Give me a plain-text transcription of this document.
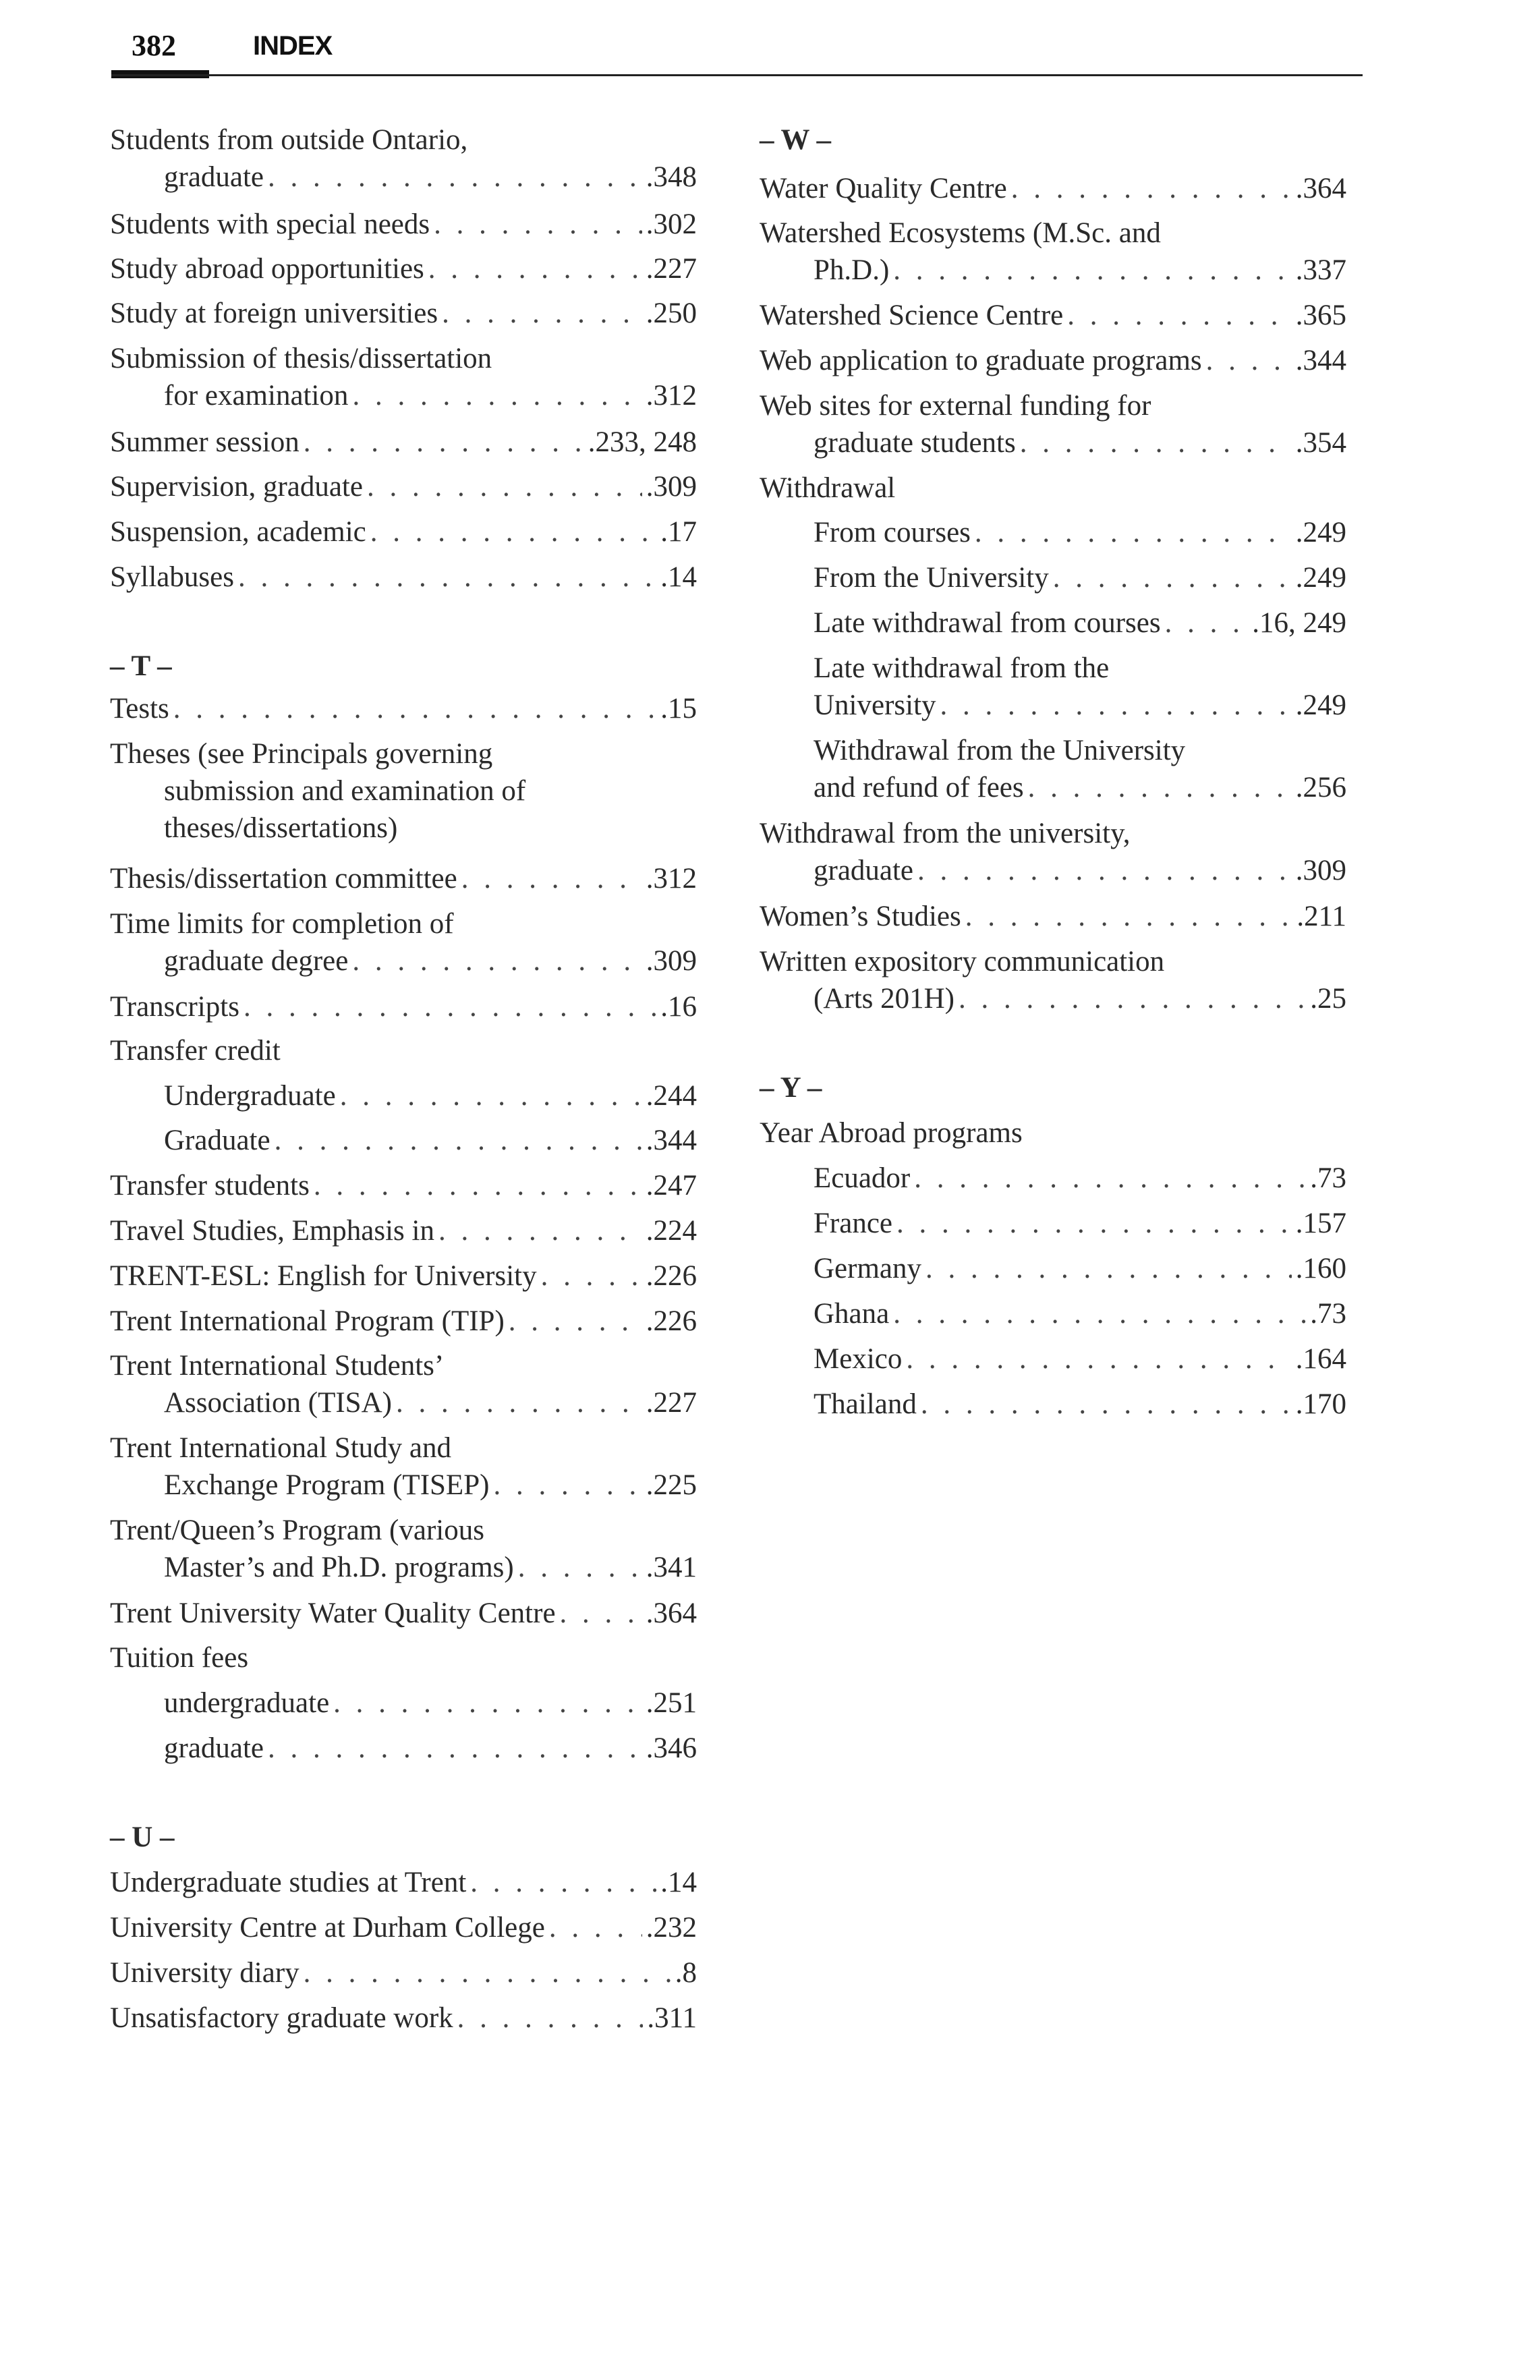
382	INDEX
Students from outside Ontario,
graduate . . .	.348
Students with special needs . . .	.302
Study abroad opportunities . . .	.227
Study at foreign universities . . .	.250
Submission of thesis/dissertation
for examination . . .	.312
Summer session . . .	.233, 248
Supervision, graduate . . .	.309
Suspension, academic . . .	.17
Syllabuses . . .	.14
– T –
Tests . . .	.15
Theses (see Principals governing
submission and examination of
theses/dissertations)
Thesis/dissertation committee . . .	.312
Time limits for completion of
graduate degree . . .	.309
Transcripts . . .	.16
Transfer credit
Undergraduate . . .	.244
Graduate . . .	.344
Transfer students . . .	.247
Travel Studies, Emphasis in . . .	.224
TRENT-ESL: English for University . . .	.226
Trent International Program (TIP) . . .	.226
Trent International Students’
Association (TISA) . . .	.227
Trent International Study and
Exchange Program (TISEP) . . .	.225
Trent/Queen’s Program (various
Master’s and Ph.D. programs) . . .	.341
Trent University Water Quality Centre . . .	.364
Tuition fees
undergraduate . . .	.251
graduate . . .	.346
– U –
Undergraduate studies at Trent . . .	.14
University Centre at Durham College . . .	.232
University diary . . .	.8
Unsatisfactory graduate work . . .	.311
– W –
Water Quality Centre . . .	.364
Watershed Ecosystems (M.Sc. and
Ph.D.) . . .	.337
Watershed Science Centre . . .	.365
Web application to graduate programs . . .	.344
Web sites for external funding for
graduate students . . .	.354
Withdrawal
From courses . . .	.249
From the University . . .	.249
Late withdrawal from courses . . .	.16, 249
Late withdrawal from the
University . . .	.249
Withdrawal from the University
and refund of fees . . .	.256
Withdrawal from the university,
graduate . . .	.309
Women’s Studies . . .	.211
Written expository communication
(Arts 201H) . . .	.25
– Y –
Year Abroad programs
Ecuador . . .	.73
France . . .	.157
Germany . . .	.160
Ghana . . .	.73
Mexico . . .	.164
Thailand . . .	.170
